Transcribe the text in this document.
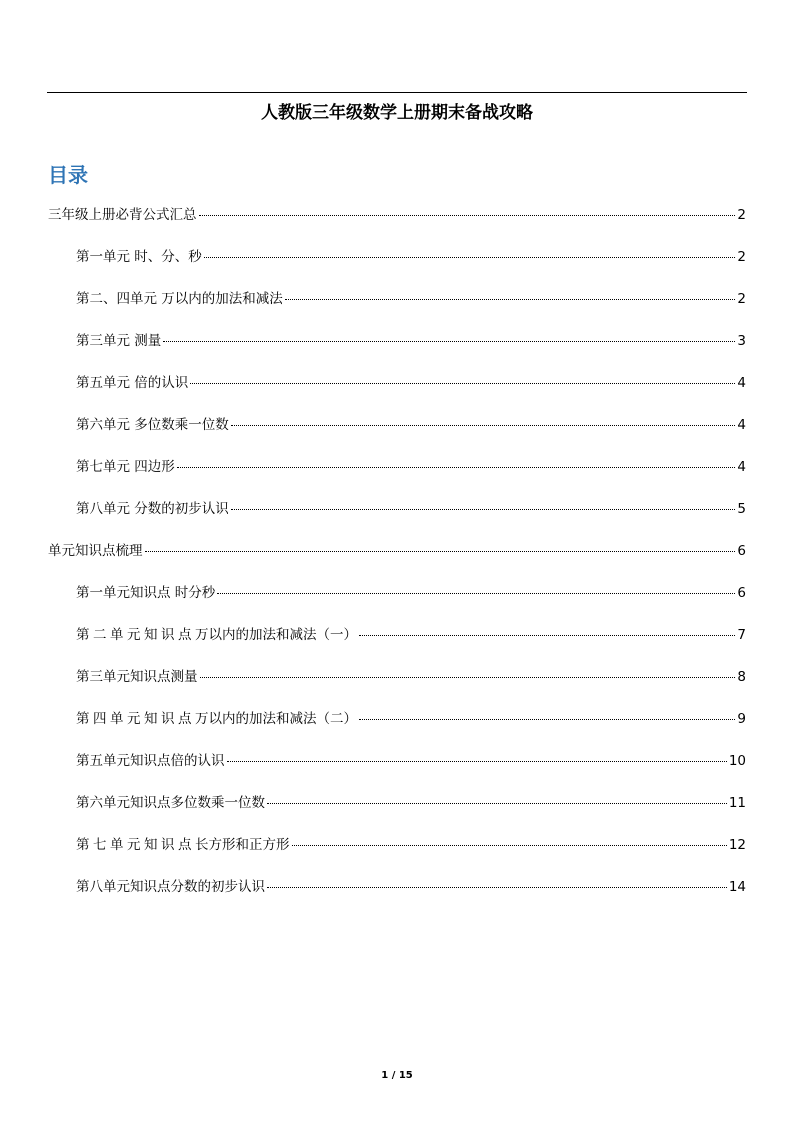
人教版三年级数学上册期末备战攻略
目录
三年级上册必背公式汇总	2
第一单元 时、分、秒	2
第二、四单元 万以内的加法和减法	2
第三单元 测量	3
第五单元 倍的认识	4
第六单元 多位数乘一位数	4
第七单元 四边形	4
第八单元 分数的初步认识	5
单元知识点梳理	6
第一单元知识点 时分秒	6
第二单元知识点万以内的加法和减法（一）	7
第三单元知识点测量	8
第四单元知识点万以内的加法和减法（二）	9
第五单元知识点倍的认识	10
第六单元知识点多位数乘一位数	11
第七单元知识点长方形和正方形	12
第八单元知识点分数的初步认识	14
1 / 15
